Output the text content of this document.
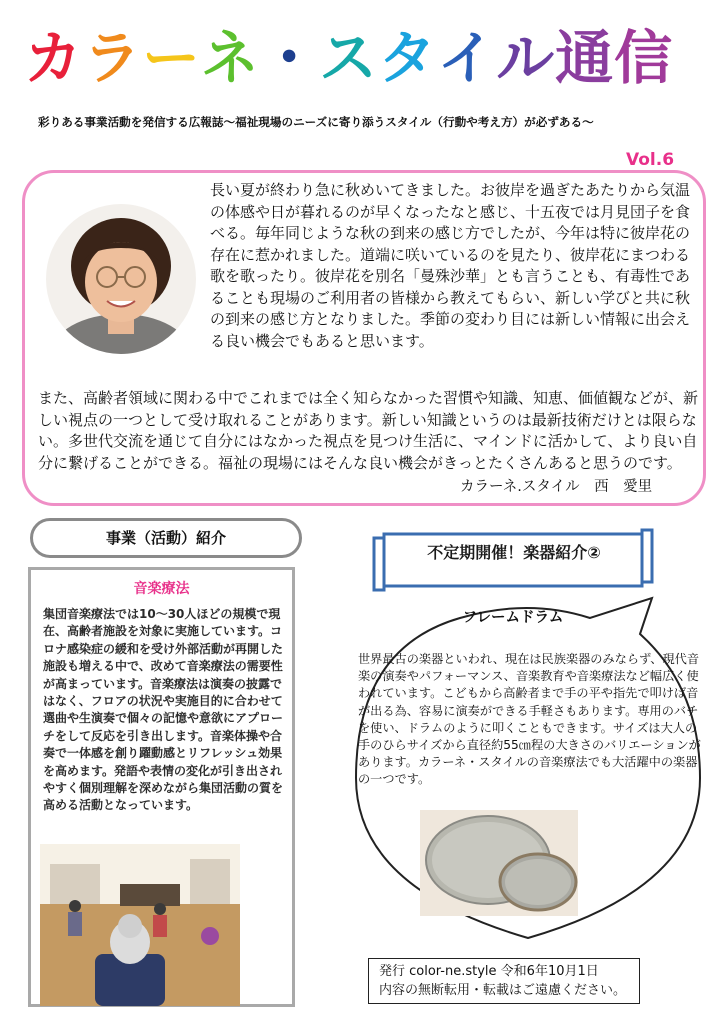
カラーネ・スタイル通信
彩りある事業活動を発信する広報誌～福祉現場のニーズに寄り添うスタイル（行動や考え方）が必ずある～
Vol.6
長い夏が終わり急に秋めいてきました。お彼岸を過ぎたあたりから気温の体感や日が暮れるのが早くなったなと感じ、十五夜では月見団子を食べる。毎年同じような秋の到来の感じ方でしたが、今年は特に彼岸花の存在に惹かれました。道端に咲いているのを見たり、彼岸花にまつわる歌を歌ったり。彼岸花を別名「曼殊沙華」とも言うことも、有毒性であることも現場のご利用者の皆様から教えてもらい、新しい学びと共に秋の到来の感じ方となりました。季節の変わり目には新しい情報に出会える良い機会でもあると思います。
また、高齢者領域に関わる中でこれまでは全く知らなかった習慣や知識、知恵、価値観などが、新しい視点の一つとして受け取れることがあります。新しい知識というのは最新技術だけとは限らない。多世代交流を通じて自分にはなかった視点を見つけ生活に、マインドに活かして、より良い自分に繋げることができる。福祉の現場にはそんな良い機会がきっとたくさんあると思うのです。
カラーネ.スタイル　西　愛里
事業（活動）紹介
音楽療法
集団音楽療法では10～30人ほどの規模で現在、高齢者施設を対象に実施しています。コロナ感染症の緩和を受け外部活動が再開した施設も増える中で、改めて音楽療法の需要性が高まっています。音楽療法は演奏の披露ではなく、フロアの状況や実施目的に合わせて選曲や生演奏で個々の記憶や意欲にアプローチをして反応を引き出します。音楽体操や合奏で一体感を創り躍動感とリフレッシュ効果を高めます。発語や表情の変化が引き出されやすく個別理解を深めながら集団活動の質を高める活動となっています。
不定期開催！楽器紹介②
フレームドラム
世界最古の楽器といわれ、現在は民族楽器のみならず、現代音楽の演奏やパフォーマンス、音楽教育や音楽療法など幅広く使われています。こどもから高齢者まで手の平や指先で叩けば音が出る為、容易に演奏ができる手軽さもあります。専用のバチを使い、ドラムのように叩くこともできます。サイズは大人の手のひらサイズから直径約55㎝程の大きさのバリエーションがあります。カラーネ・スタイルの音楽療法でも大活躍中の楽器の一つです。
発行 color-ne.style 令和6年10月1日
内容の無断転用・転載はご遠慮ください。
